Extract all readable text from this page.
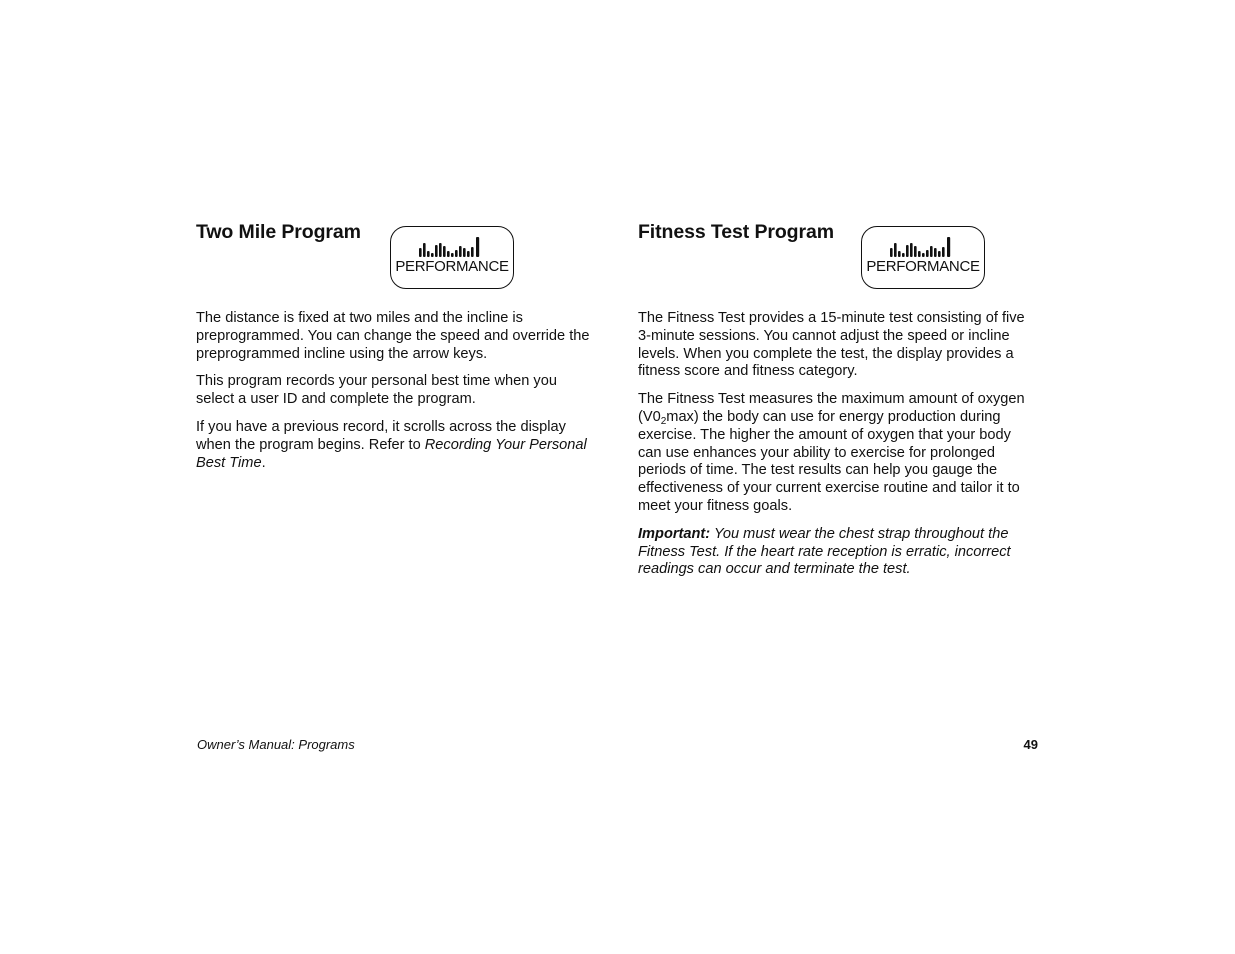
Two Mile Program
PERFORMANCE

The distance is fixed at two miles and the incline is preprogrammed. You can change the speed and override the preprogrammed incline using the arrow keys.

This program records your personal best time when you select a user ID and complete the program.

If you have a previous record, it scrolls across the display when the program begins. Refer to Recording Your Personal Best Time.

Fitness Test Program
PERFORMANCE

The Fitness Test provides a 15-minute test consisting of five 3-minute sessions. You cannot adjust the speed or incline levels. When you complete the test, the display provides a fitness score and fitness category.

The Fitness Test measures the maximum amount of oxygen $(V0_2\max)$ the body can use for energy production during exercise. The higher the amount of oxygen that your body can use enhances your ability to exercise for prolonged periods of time. The test results can help you gauge the effectiveness of your current exercise routine and tailor it to meet your fitness goals.

Important: You must wear the chest strap throughout the Fitness Test. If the heart rate reception is erratic, incorrect readings can occur and terminate the test.

Owner’s Manual: Programs	49
